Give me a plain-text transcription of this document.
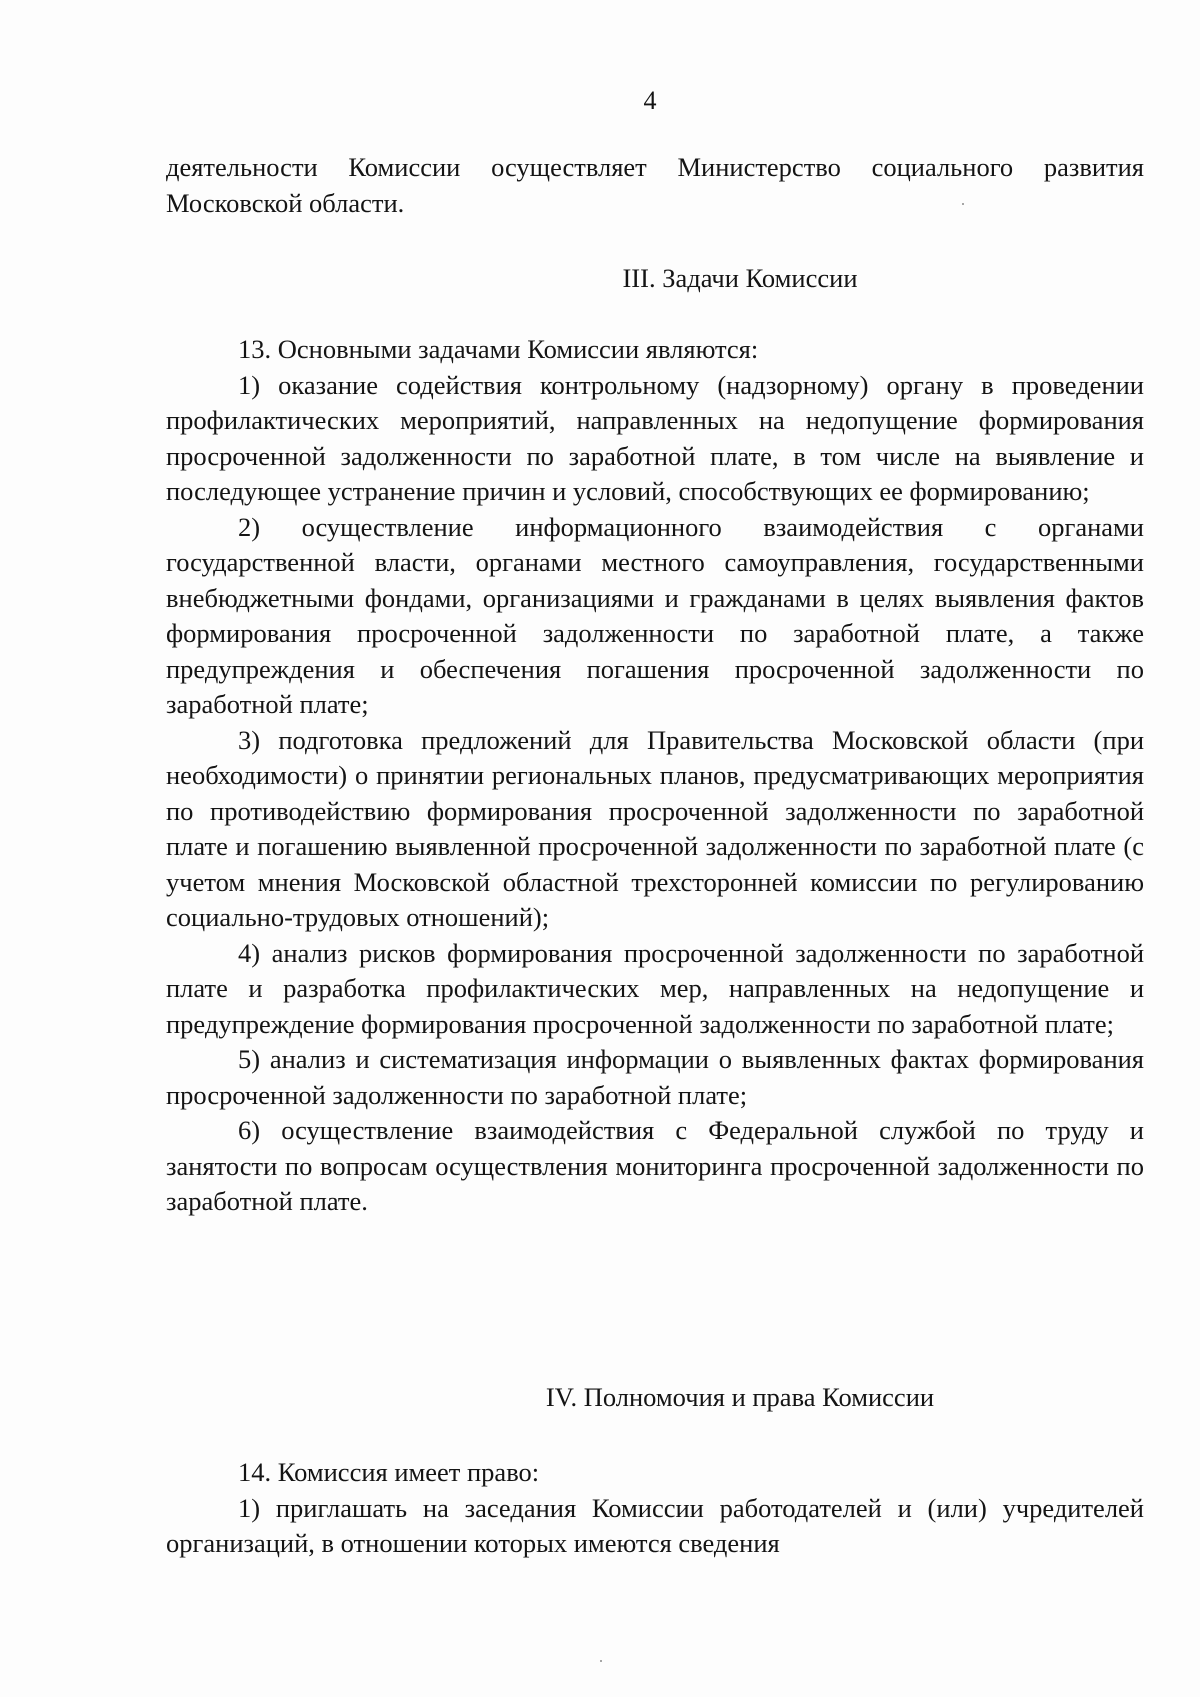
4

деятельности Комиссии осуществляет Министерство социального развития Московской области.

III. Задачи Комиссии

13. Основными задачами Комиссии являются:

1) оказание содействия контрольному (надзорному) органу в проведении профилактических мероприятий, направленных на недопущение формирования просроченной задолженности по заработной плате, в том числе на выявление и последующее устранение причин и условий, способствующих ее формированию;

2) осуществление информационного взаимодействия с органами государственной власти, органами местного самоуправления, государственными внебюджетными фондами, организациями и гражданами в целях выявления фактов формирования просроченной задолженности по заработной плате, а также предупреждения и обеспечения погашения просроченной задолженности по заработной плате;

3) подготовка предложений для Правительства Московской области (при необходимости) о принятии региональных планов, предусматривающих мероприятия по противодействию формирования просроченной задолженности по заработной плате и погашению выявленной просроченной задолженности по заработной плате (с учетом мнения Московской областной трехсторонней комиссии по регулированию социально-трудовых отношений);

4) анализ рисков формирования просроченной задолженности по заработной плате и разработка профилактических мер, направленных на недопущение и предупреждение формирования просроченной задолженности по заработной плате;

5) анализ и систематизация информации о выявленных фактах формирования просроченной задолженности по заработной плате;

6) осуществление взаимодействия с Федеральной службой по труду и занятости по вопросам осуществления мониторинга просроченной задолженности по заработной плате.

IV. Полномочия и права Комиссии

14. Комиссия имеет право:

1) приглашать на заседания Комиссии работодателей и (или) учредителей организаций, в отношении которых имеются сведения
